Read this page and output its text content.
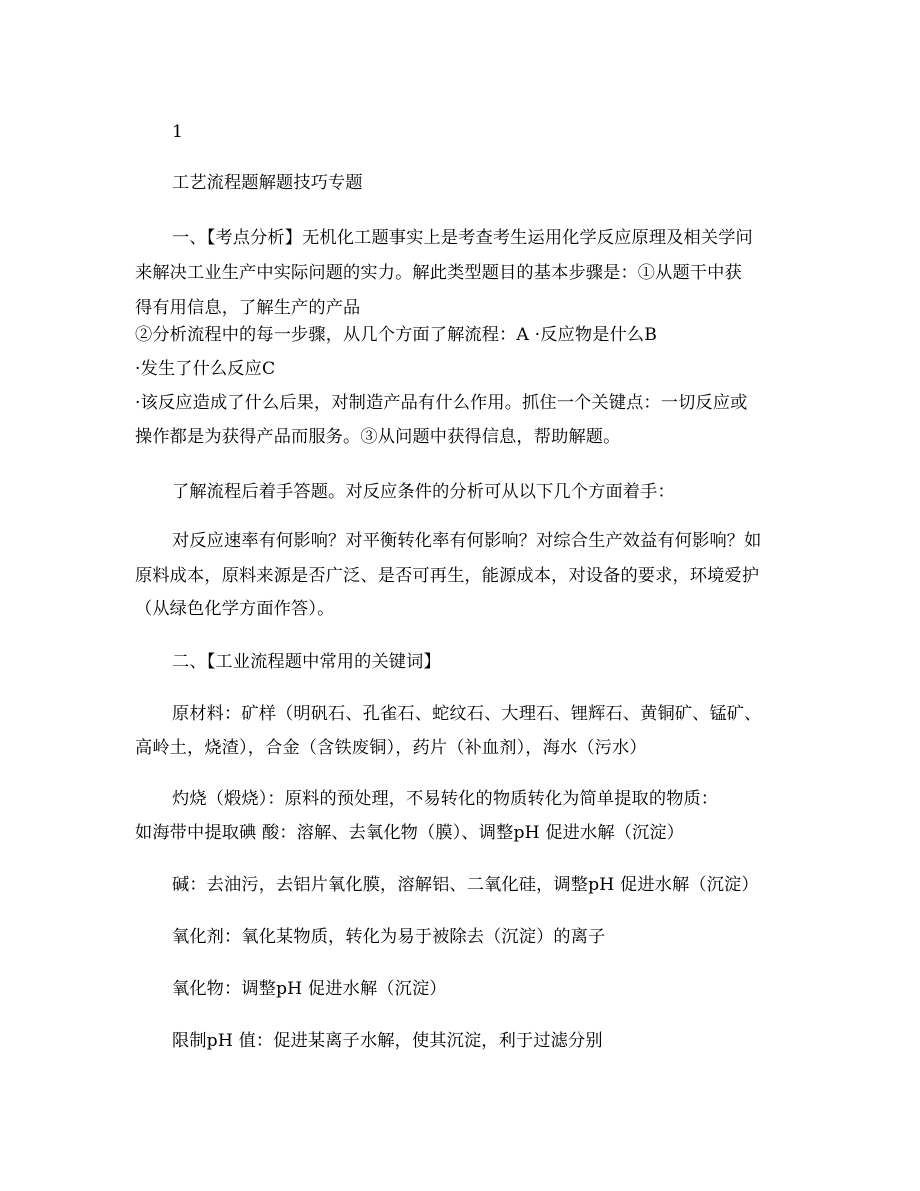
1
工艺流程题解题技巧专题
一、【考点分析】无机化工题事实上是考查考生运用化学反应原理及相关学问
来解决工业生产中实际问题的实力。解此类型题目的基本步骤是：①从题干中获
得有用信息，了解生产的产品
②分析流程中的每一步骤，从几个方面了解流程：A ·反应物是什么B
·发生了什么反应C
·该反应造成了什么后果，对制造产品有什么作用。抓住一个关键点：一切反应或
操作都是为获得产品而服务。③从问题中获得信息，帮助解题。
了解流程后着手答题。对反应条件的分析可从以下几个方面着手：
对反应速率有何影响？对平衡转化率有何影响？对综合生产效益有何影响？如
原料成本，原料来源是否广泛、是否可再生，能源成本，对设备的要求，环境爱护
（从绿色化学方面作答）。
二、【工业流程题中常用的关键词】
原材料：矿样（明矾石、孔雀石、蛇纹石、大理石、锂辉石、黄铜矿、锰矿、
高岭土，烧渣），合金（含铁废铜），药片（补血剂），海水（污水）
灼烧（煅烧）：原料的预处理，不易转化的物质转化为简单提取的物质：
如海带中提取碘 酸：溶解、去氧化物（膜）、调整pH 促进水解（沉淀）
碱：去油污，去铝片氧化膜，溶解铝、二氧化硅，调整pH 促进水解（沉淀）
氧化剂：氧化某物质，转化为易于被除去（沉淀）的离子
氧化物：调整pH 促进水解（沉淀）
限制pH 值：促进某离子水解，使其沉淀，利于过滤分别
